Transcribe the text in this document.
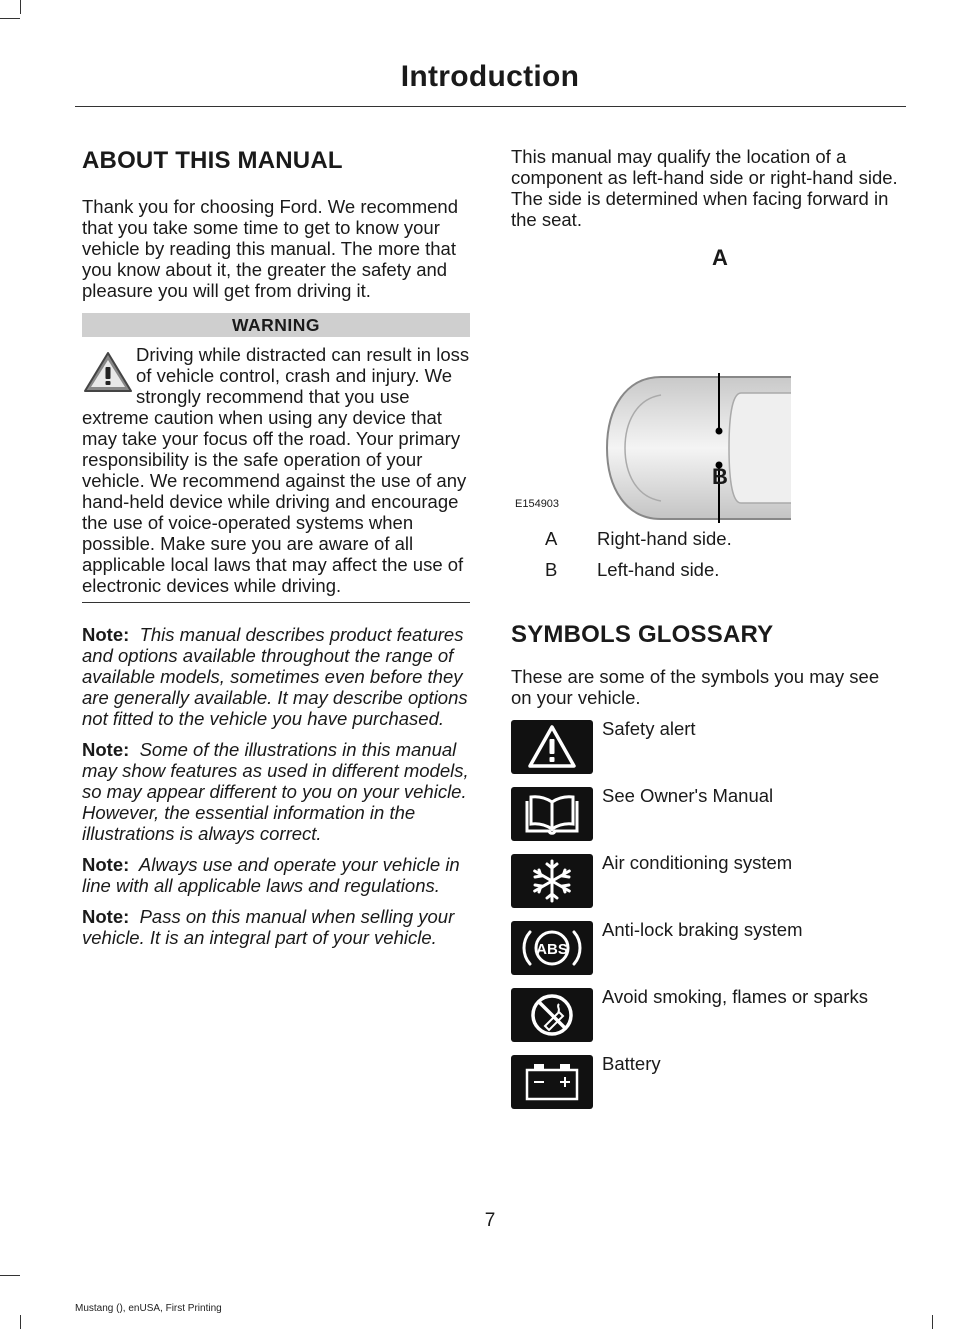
Introduction
ABOUT THIS MANUAL

Thank you for choosing Ford. We recommend that you take some time to get to know your vehicle by reading this manual. The more that you know about it, the greater the safety and pleasure you will get from driving it.

WARNING
Driving while distracted can result in loss of vehicle control, crash and injury. We strongly recommend that you use extreme caution when using any device that may take your focus off the road. Your primary responsibility is the safe operation of your vehicle. We recommend against the use of any hand-held device while driving and encourage the use of voice-operated systems when possible. Make sure you are aware of all applicable local laws that may affect the use of electronic devices while driving.

Note: This manual describes product features and options available throughout the range of available models, sometimes even before they are generally available. It may describe options not fitted to the vehicle you have purchased.

Note: Some of the illustrations in this manual may show features as used in different models, so may appear different to you on your vehicle. However, the essential information in the illustrations is always correct.

Note: Always use and operate your vehicle in line with all applicable laws and regulations.

Note: Pass on this manual when selling your vehicle. It is an integral part of your vehicle.

This manual may qualify the location of a component as left-hand side or right-hand side. The side is determined when facing forward in the seat.

A
B
E154903
A Right-hand side.
B Left-hand side.
SYMBOLS GLOSSARY

These are some of the symbols you may see on your vehicle.

Safety alert
See Owner's Manual
Air conditioning system
ABS
Anti-lock braking system
Avoid smoking, flames or sparks
Battery
7
Mustang (), enUSA, First Printing
